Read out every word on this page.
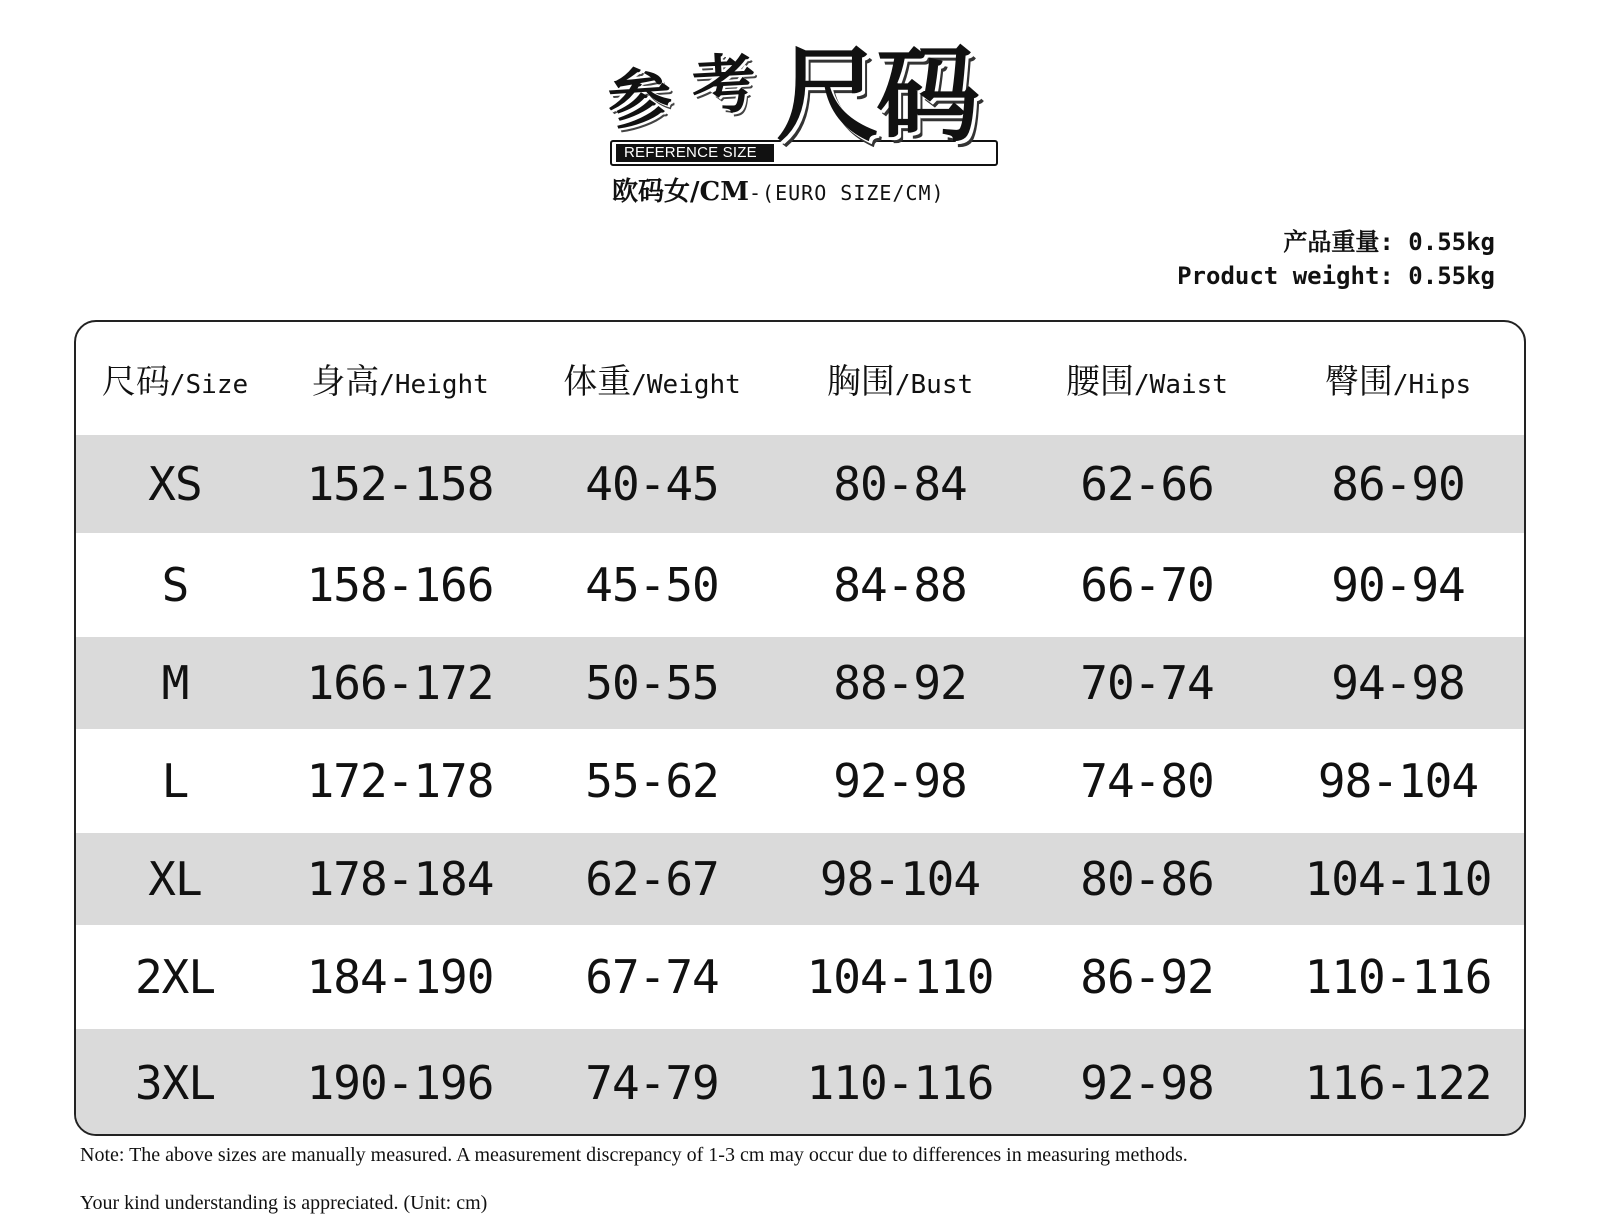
参 考
REFERENCE SIZE 尺码
欧码女/CM-(EURO SIZE/CM)
产品重量: 0.55kg
Product weight: 0.55kg
尺码/Size	身高/Height	体重/Weight	胸围/Bust	腰围/Waist	臀围/Hips
XS	152-158	40-45	80-84	62-66	86-90
S	158-166	45-50	84-88	66-70	90-94
M	166-172	50-55	88-92	70-74	94-98
L	172-178	55-62	92-98	74-80	98-104
XL	178-184	62-67	98-104	80-86	104-110
2XL	184-190	67-74	104-110	86-92	110-116
3XL	190-196	74-79	110-116	92-98	116-122
Note: The above sizes are manually measured. A measurement discrepancy of 1-3 cm may occur due to differences in measuring methods.
Your kind understanding is appreciated. (Unit: cm)
